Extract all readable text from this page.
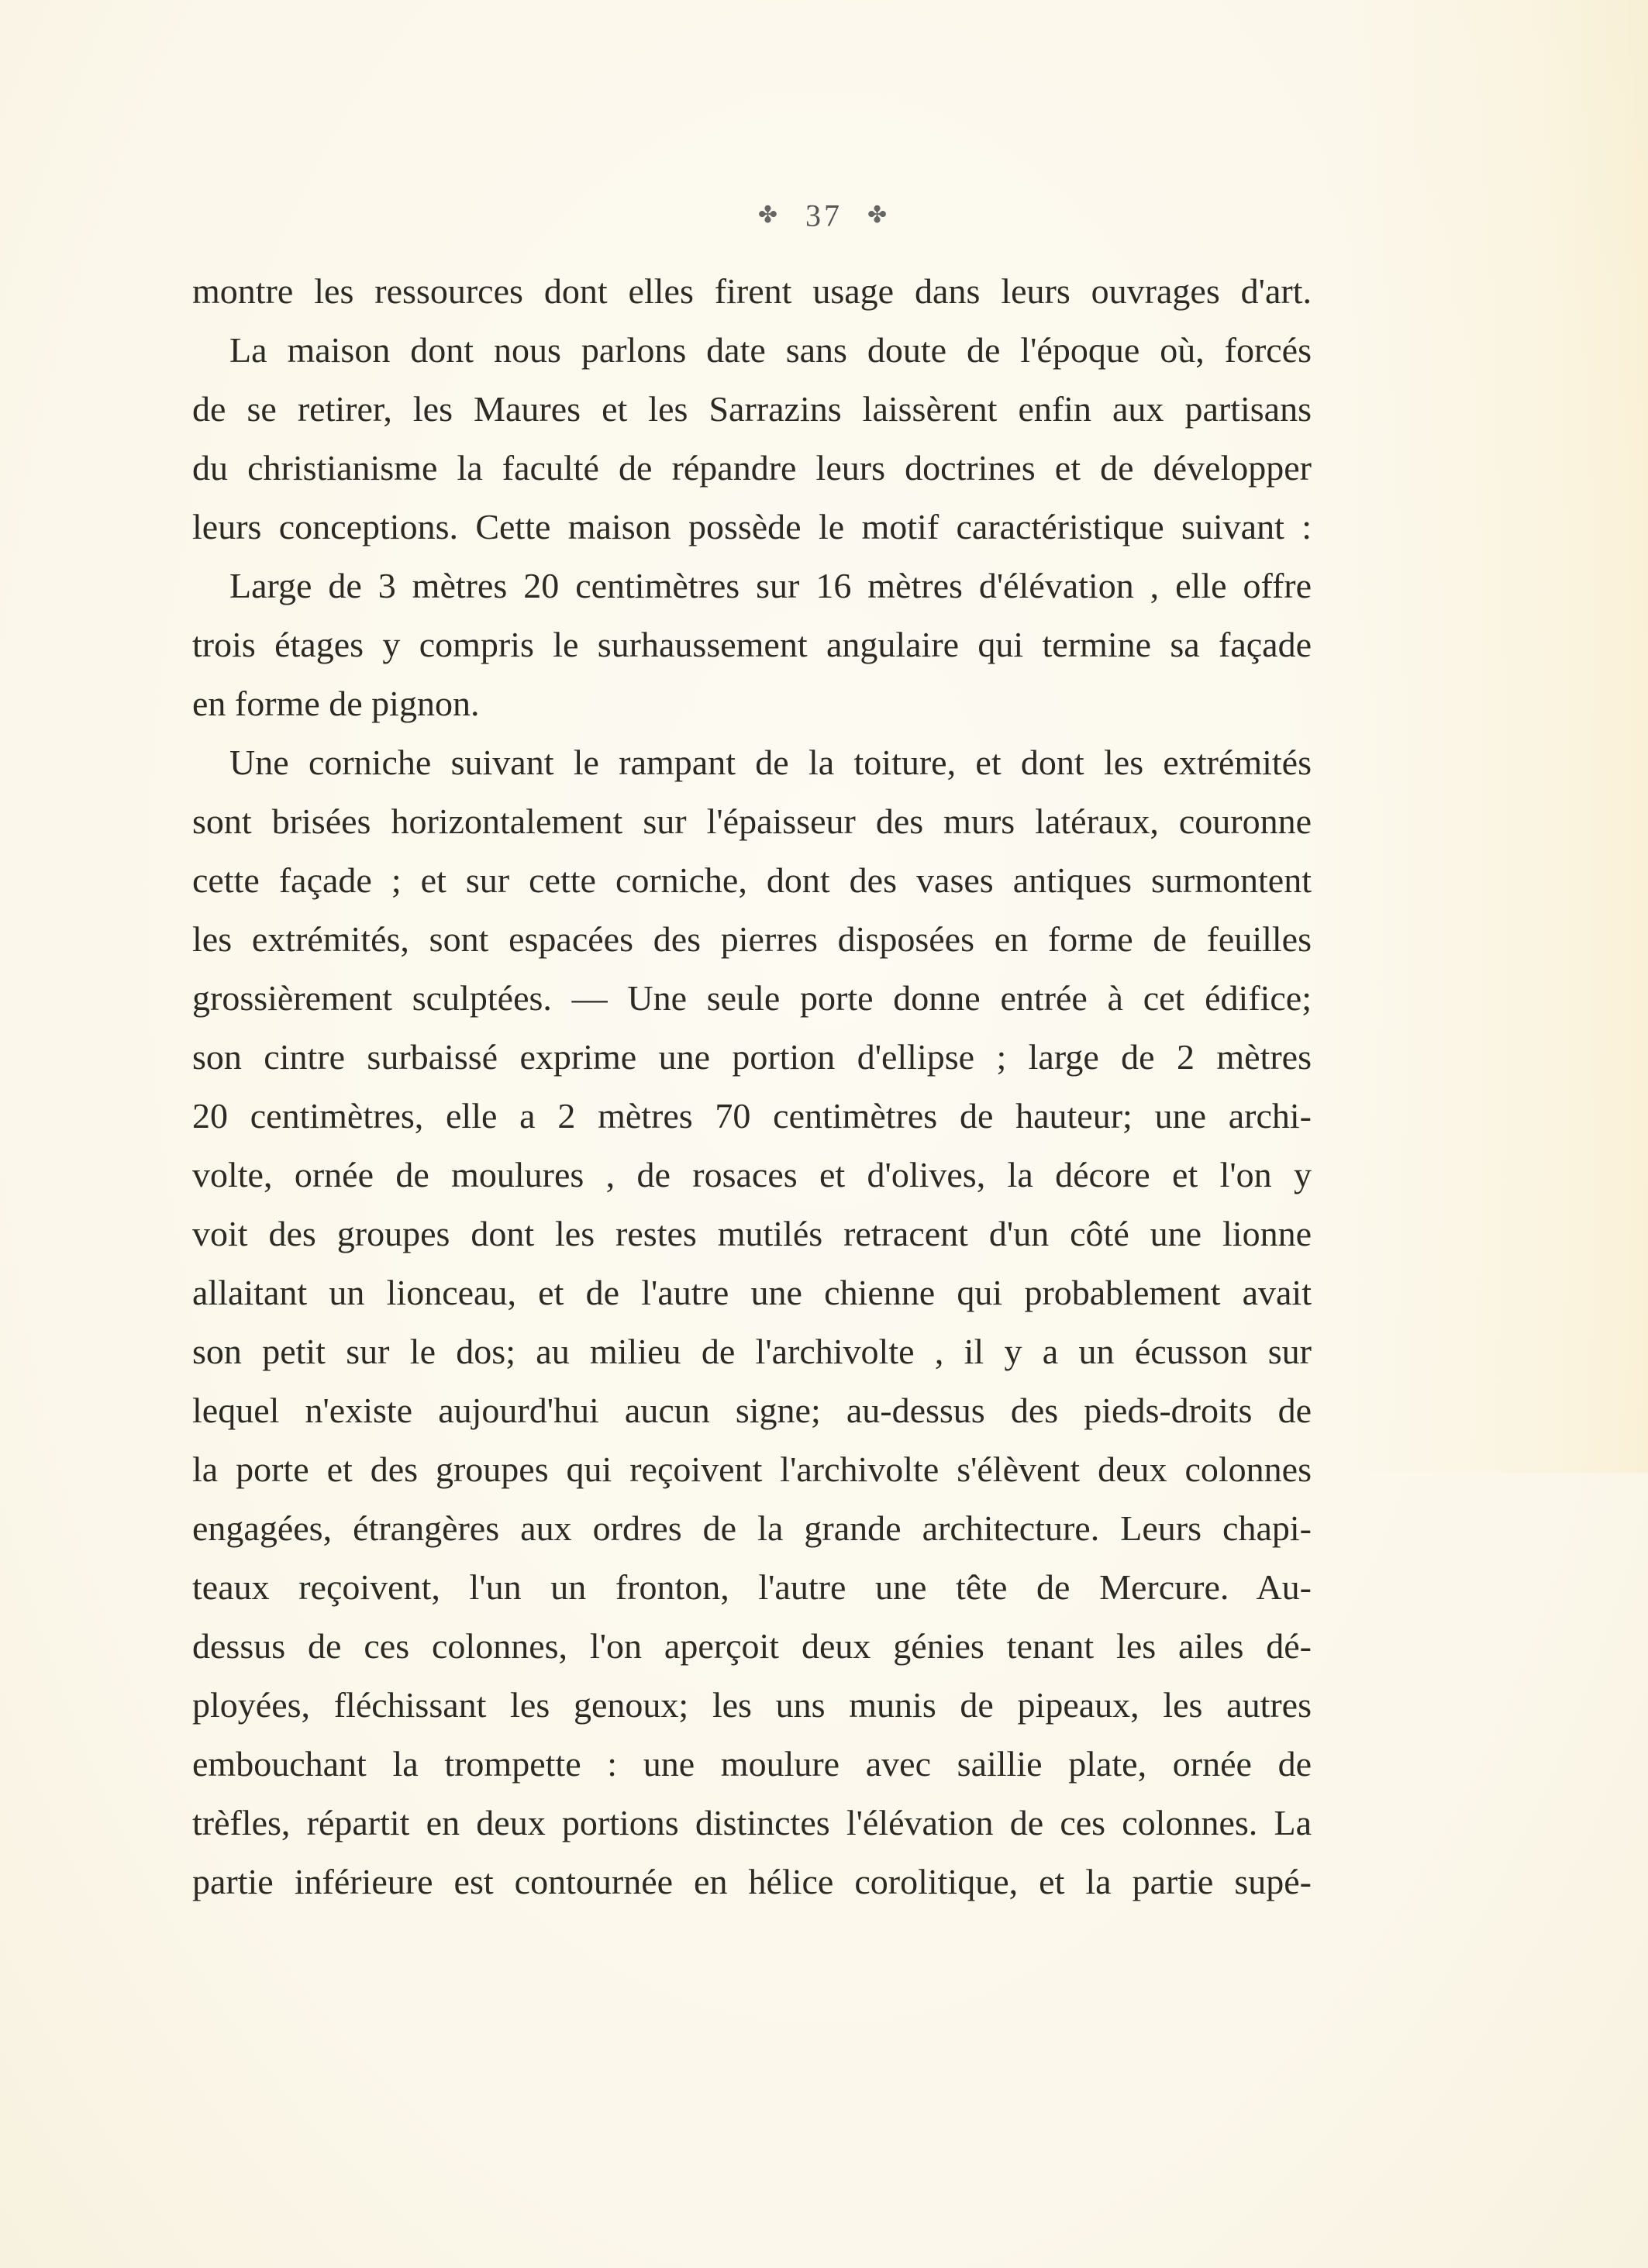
✤ 37 ✤
montre les ressources dont elles firent usage dans leurs ouvrages d'art.
La maison dont nous parlons date sans doute de l'époque où, forcés
de se retirer, les Maures et les Sarrazins laissèrent enfin aux partisans
du christianisme la faculté de répandre leurs doctrines et de développer
leurs conceptions. Cette maison possède le motif caractéristique suivant :
Large de 3 mètres 20 centimètres sur 16 mètres d'élévation , elle offre
trois étages y compris le surhaussement angulaire qui termine sa façade
en forme de pignon.
Une corniche suivant le rampant de la toiture, et dont les extrémités
sont brisées horizontalement sur l'épaisseur des murs latéraux, couronne
cette façade ; et sur cette corniche, dont des vases antiques surmontent
les extrémités, sont espacées des pierres disposées en forme de feuilles
grossièrement sculptées. — Une seule porte donne entrée à cet édifice;
son cintre surbaissé exprime une portion d'ellipse ; large de 2 mètres
20 centimètres, elle a 2 mètres 70 centimètres de hauteur; une archi-
volte, ornée de moulures , de rosaces et d'olives, la décore et l'on y
voit des groupes dont les restes mutilés retracent d'un côté une lionne
allaitant un lionceau, et de l'autre une chienne qui probablement avait
son petit sur le dos; au milieu de l'archivolte , il y a un écusson sur
lequel n'existe aujourd'hui aucun signe; au-dessus des pieds-droits de
la porte et des groupes qui reçoivent l'archivolte s'élèvent deux colonnes
engagées, étrangères aux ordres de la grande architecture. Leurs chapi-
teaux reçoivent, l'un un fronton, l'autre une tête de Mercure. Au-
dessus de ces colonnes, l'on aperçoit deux génies tenant les ailes dé-
ployées, fléchissant les genoux; les uns munis de pipeaux, les autres
embouchant la trompette : une moulure avec saillie plate, ornée de
trèfles, répartit en deux portions distinctes l'élévation de ces colonnes. La
partie inférieure est contournée en hélice corolitique, et la partie supé-
